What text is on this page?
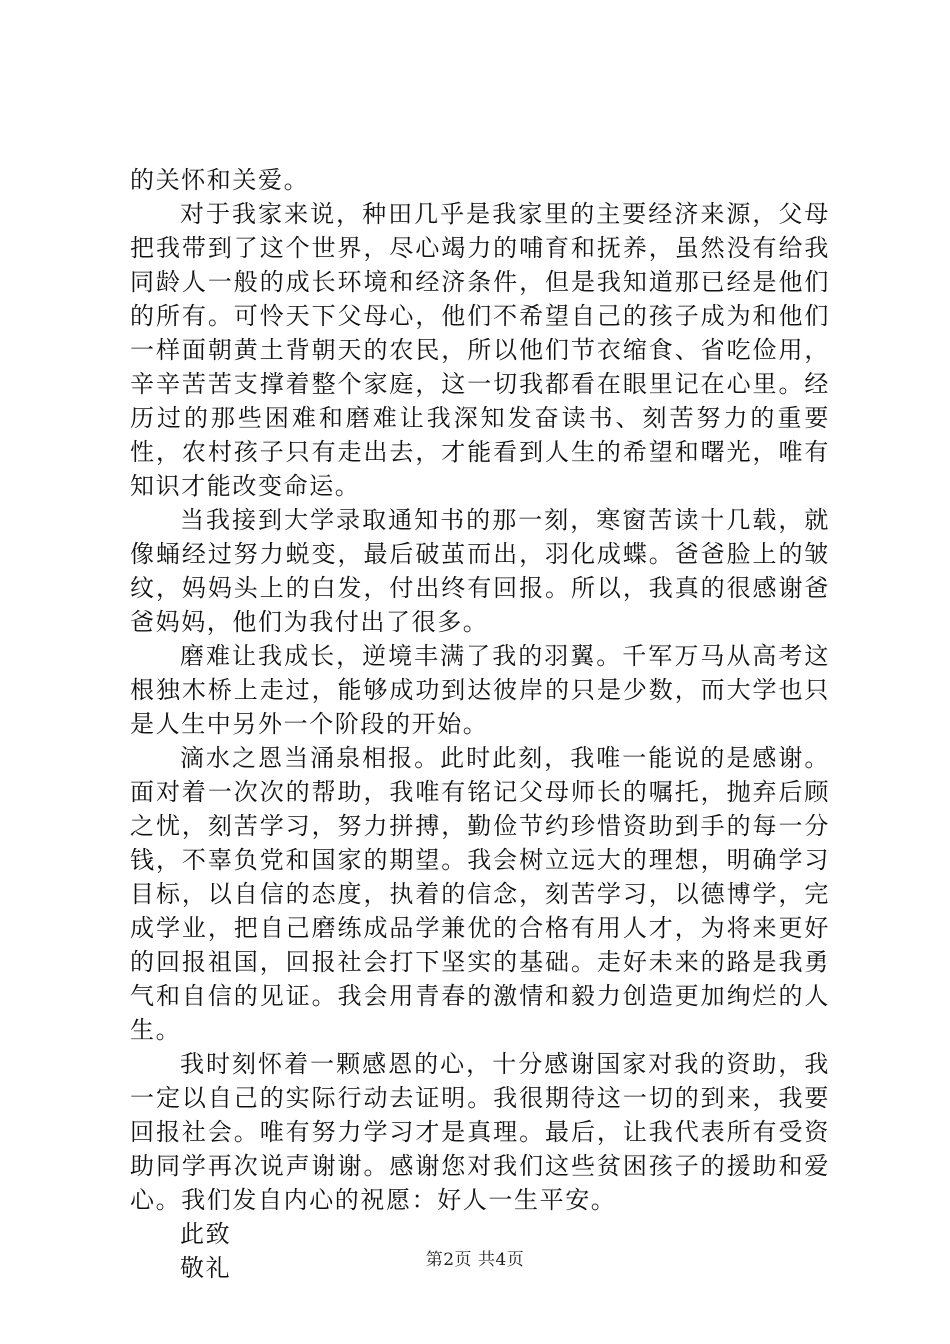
的关怀和关爱。

对于我家来说，种田几乎是我家里的主要经济来源，父母把我带到了这个世界，尽心竭力的哺育和抚养，虽然没有给我同龄人一般的成长环境和经济条件，但是我知道那已经是他们的所有。可怜天下父母心，他们不希望自己的孩子成为和他们一样面朝黄土背朝天的农民，所以他们节衣缩食、省吃俭用，辛辛苦苦支撑着整个家庭，这一切我都看在眼里记在心里。经历过的那些困难和磨难让我深知发奋读书、刻苦努力的重要性，农村孩子只有走出去，才能看到人生的希望和曙光，唯有知识才能改变命运。

当我接到大学录取通知书的那一刻，寒窗苦读十几载，就像蛹经过努力蜕变，最后破茧而出，羽化成蝶。爸爸脸上的皱纹，妈妈头上的白发，付出终有回报。所以，我真的很感谢爸爸妈妈，他们为我付出了很多。

磨难让我成长，逆境丰满了我的羽翼。千军万马从高考这根独木桥上走过，能够成功到达彼岸的只是少数，而大学也只是人生中另外一个阶段的开始。

滴水之恩当涌泉相报。此时此刻，我唯一能说的是感谢。面对着一次次的帮助，我唯有铭记父母师长的嘱托，抛弃后顾之忧，刻苦学习，努力拼搏，勤俭节约珍惜资助到手的每一分钱，不辜负党和国家的期望。我会树立远大的理想，明确学习目标，以自信的态度，执着的信念，刻苦学习，以德博学，完成学业，把自己磨练成品学兼优的合格有用人才，为将来更好的回报祖国，回报社会打下坚实的基础。走好未来的路是我勇气和自信的见证。我会用青春的激情和毅力创造更加绚烂的人生。

我时刻怀着一颗感恩的心，十分感谢国家对我的资助，我一定以自己的实际行动去证明。我很期待这一切的到来，我要回报社会。唯有努力学习才是真理。最后，让我代表所有受资助同学再次说声谢谢。感谢您对我们这些贫困孩子的援助和爱心。我们发自内心的祝愿：好人一生平安。

此致

敬礼	第2页 共4页
